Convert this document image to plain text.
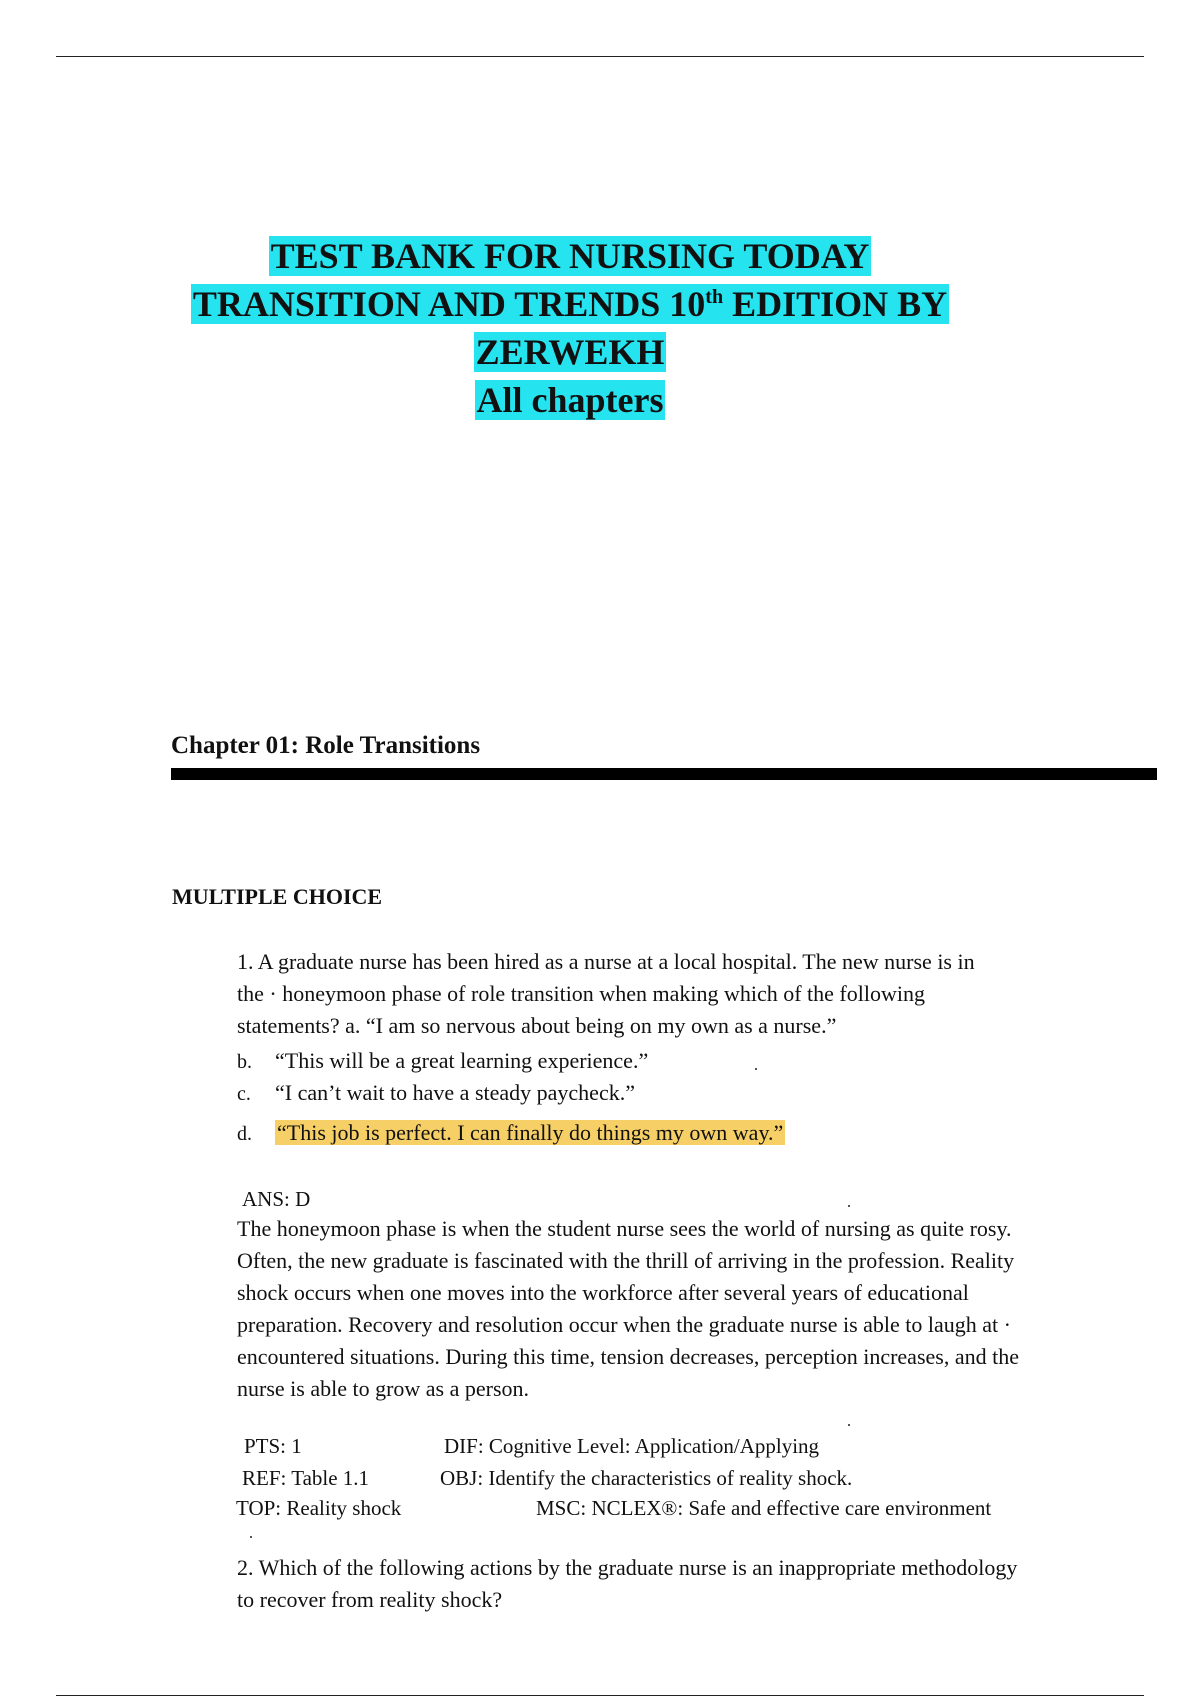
TEST BANK FOR NURSING TODAY
TRANSITION AND TRENDS 10th EDITION BY
ZERWEKH
All chapters
Chapter 01: Role Transitions
MULTIPLE CHOICE
1. A graduate nurse has been hired as a nurse at a local hospital. The new nurse is in
the · honeymoon phase of role transition when making which of the following
statements? a. “I am so nervous about being on my own as a nurse.”
b. “This will be a great learning experience.”
c. “I can’t wait to have a steady paycheck.”
d. “This job is perfect. I can finally do things my own way.”
ANS: D
The honeymoon phase is when the student nurse sees the world of nursing as quite rosy.
Often, the new graduate is fascinated with the thrill of arriving in the profession. Reality
shock occurs when one moves into the workforce after several years of educational
preparation. Recovery and resolution occur when the graduate nurse is able to laugh at ·
encountered situations. During this time, tension decreases, perception increases, and the
nurse is able to grow as a person.
PTS: 1	DIF: Cognitive Level: Application/Applying
REF: Table 1.1	OBJ: Identify the characteristics of reality shock.
TOP: Reality shock	MSC: NCLEX®: Safe and effective care environment
2. Which of the following actions by the graduate nurse is an inappropriate methodology
to recover from reality shock?
